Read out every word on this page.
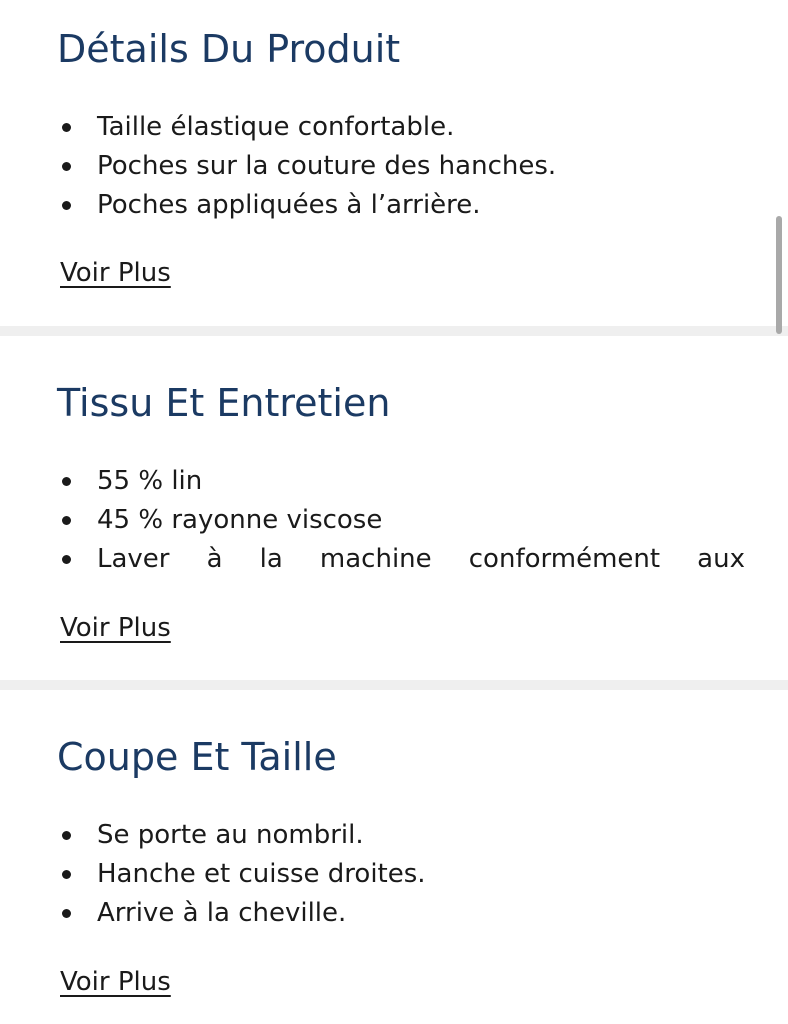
Détails Du Produit
Taille élastique confortable.
Poches sur la couture des hanches.
Poches appliquées à l’arrière.
Voir Plus
Tissu Et Entretien
55 % lin
45 % rayonne viscose
Laver à la machine conformément aux
Voir Plus
Coupe Et Taille
Se porte au nombril.
Hanche et cuisse droites.
Arrive à la cheville.
Voir Plus
